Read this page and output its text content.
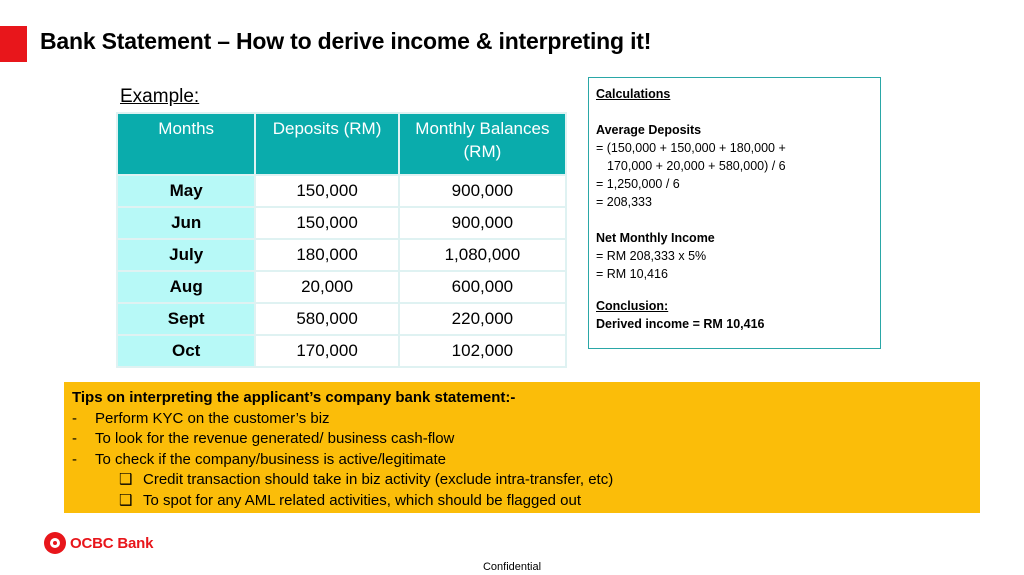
Bank Statement – How to derive income & interpreting it!
Example:
Months	Deposits (RM)	Monthly Balances (RM)
May	150,000	900,000
Jun	150,000	900,000
July	180,000	1,080,000
Aug	20,000	600,000
Sept	580,000	220,000
Oct	170,000	102,000
Calculations
Average Deposits
= (150,000 + 150,000 + 180,000 +
170,000 + 20,000 + 580,000) / 6
= 1,250,000 / 6
= 208,333
Net Monthly Income
= RM 208,333 x 5%
= RM 10,416
Conclusion:
Derived income = RM 10,416
Tips on interpreting the applicant’s company bank statement:-
- Perform KYC on the customer’s biz
- To look for the revenue generated/ business cash-flow
- To check if the company/business is active/legitimate
❑ Credit transaction should take in biz activity (exclude intra-transfer, etc)
❑ To spot for any AML related activities, which should be flagged out
OCBC Bank
Confidential
